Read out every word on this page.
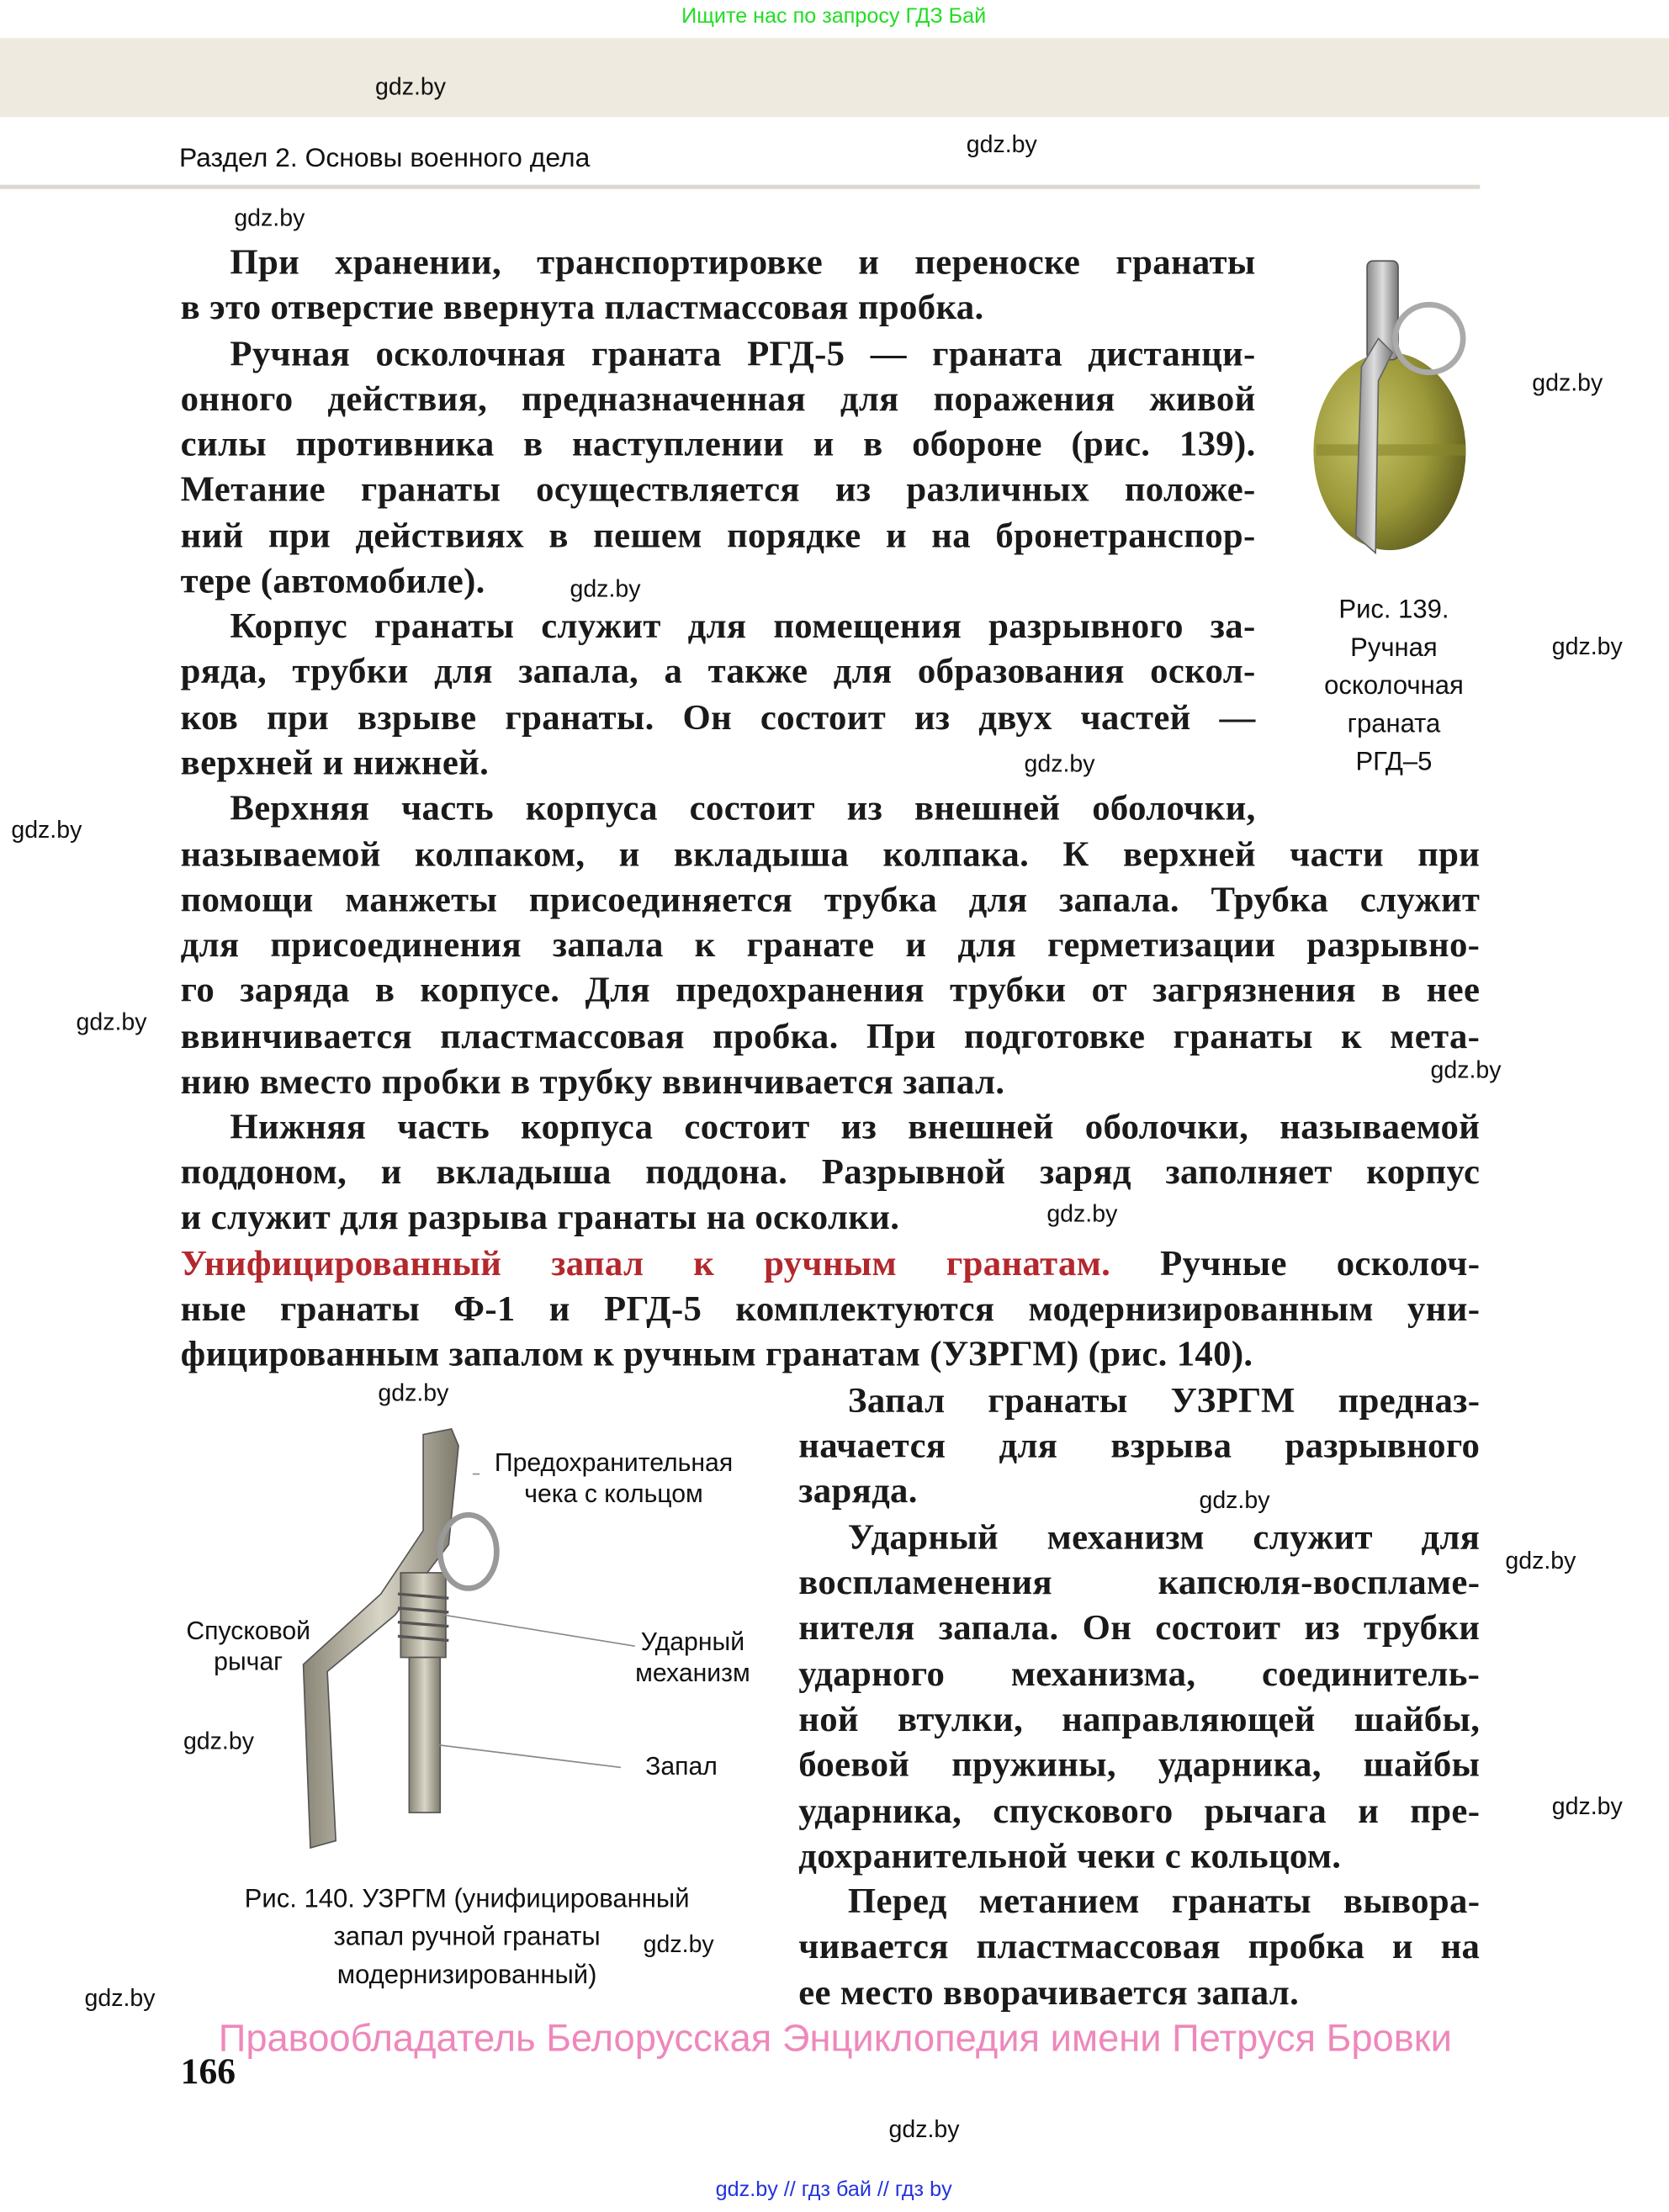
Ищите нас по запросу ГДЗ Бай
Раздел 2. Основы военного дела
При хранении, транспортировке и переноске гранаты
в это отверстие ввернута пластмассовая пробка.
Ручная осколочная граната РГД-5 — граната дистанци-
онного действия, предназначенная для поражения живой
силы противника в наступлении и в обороне (рис. 139).
Метание гранаты осуществляется из различных положе-
ний при действиях в пешем порядке и на бронетранспор-
тере (автомобиле).
Корпус гранаты служит для помещения разрывного за-
ряда, трубки для запала, а также для образования оскол-
ков при взрыве гранаты. Он состоит из двух частей —
верхней и нижней.
Верхняя часть корпуса состоит из внешней оболочки,
называемой колпаком, и вкладыша колпака. К верхней части при
помощи манжеты присоединяется трубка для запала. Трубка служит
для присоединения запала к гранате и для герметизации разрывно-
го заряда в корпусе. Для предохранения трубки от загрязнения в нее
ввинчивается пластмассовая пробка. При подготовке гранаты к мета-
нию вместо пробки в трубку ввинчивается запал.
Нижняя часть корпуса состоит из внешней оболочки, называемой
поддоном, и вкладыша поддона. Разрывной заряд заполняет корпус
и служит для разрыва гранаты на осколки.
ные гранаты Ф-1 и РГД-5 комплектуются модернизированным уни-
фицированным запалом к ручным гранатам (УЗРГМ) (рис. 140).
Запал гранаты УЗРГМ предназ-
начается для взрыва разрывного
заряда.
Ударный механизм служит для
воспламенения капсюля-воспламе-
нителя запала. Он состоит из трубки
ударного механизма, соединитель-
ной втулки, направляющей шайбы,
боевой пружины, ударника, шайбы
ударника, спускового рычага и пре-
дохранительной чеки с кольцом.
Перед метанием гранаты вывора-
чивается пластмассовая пробка и на
ее место вворачивается запал.
Унифицированный запал к ручным гранатам. Ручные осколоч-
Рис. 139.
Ручная
осколочная
граната
РГД–5
Предохранительная
чека с кольцом
Спусковой
рычаг
Ударный
механизм
Запал
Рис. 140. УЗРГМ (унифицированный
запал ручной гранаты
модернизированный)
gdz.by
gdz.by
gdz.by
gdz.by
gdz.by
gdz.by
gdz.by
gdz.by
gdz.by
gdz.by
gdz.by
gdz.by
gdz.by
gdz.by
gdz.by
gdz.by
gdz.by
gdz.by
gdz.by
Правообладатель Белорусская Энциклопедия имени Петруся Бровки
166
gdz.by // гдз бай // гдз by
